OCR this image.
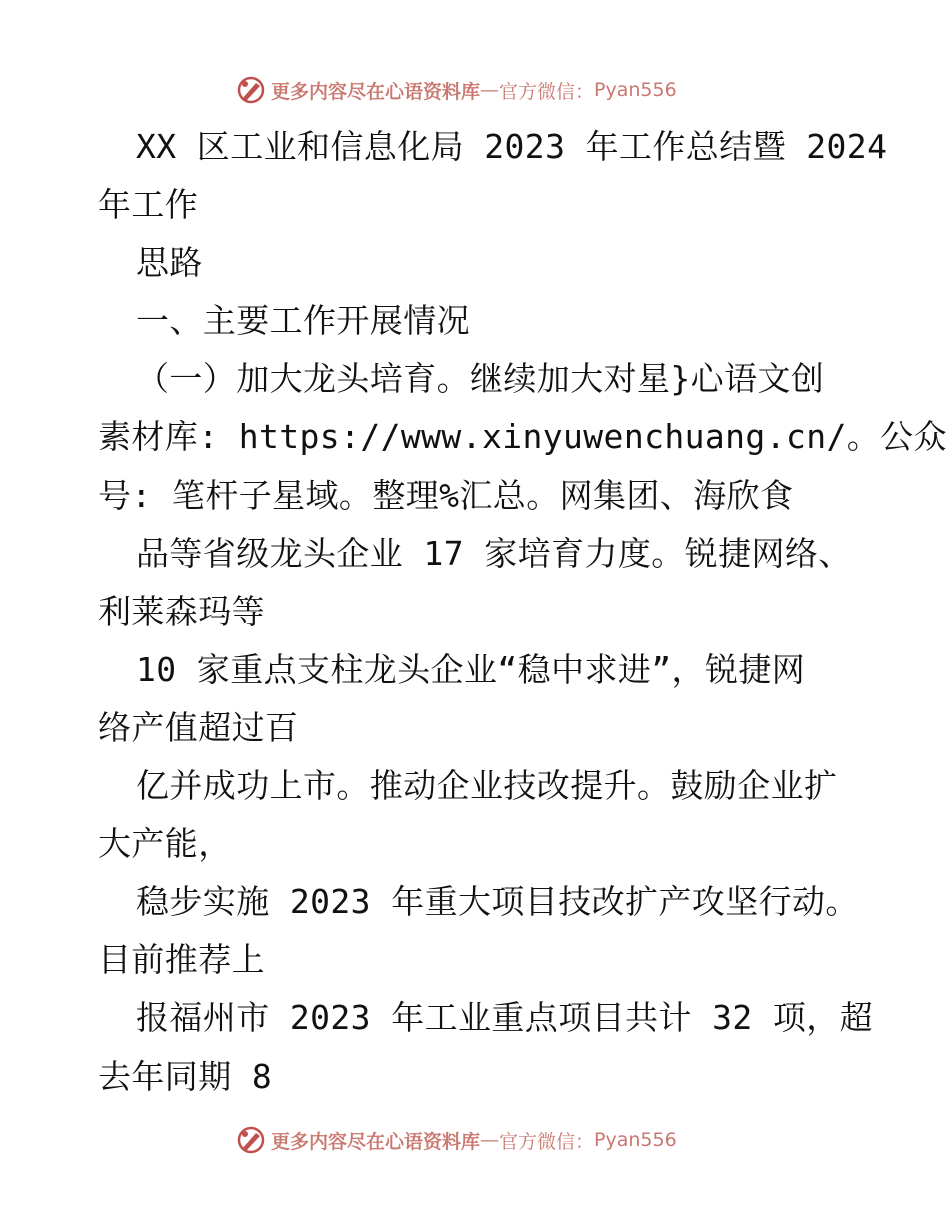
更多内容尽在心语资料库 — 官方微信： Pyan556
XX 区工业和信息化局 2023 年工作总结暨 2024
年工作
思路
一、主要工作开展情况
（一）加大龙头培育。继续加大对星}心语文创
素材库: https://www.xinyuwenchuang.cn/。公众
号: 笔杆子星域。整理%汇总。网集团、海欣食
品等省级龙头企业 17 家培育力度。锐捷网络、
利莱森玛等
10 家重点支柱龙头企业“稳中求进”，锐捷网
络产值超过百
亿并成功上市。推动企业技改提升。鼓励企业扩
大产能，
稳步实施 2023 年重大项目技改扩产攻坚行动。
目前推荐上
报福州市 2023 年工业重点项目共计 32 项，超
去年同期 8
更多内容尽在心语资料库 — 官方微信： Pyan556
